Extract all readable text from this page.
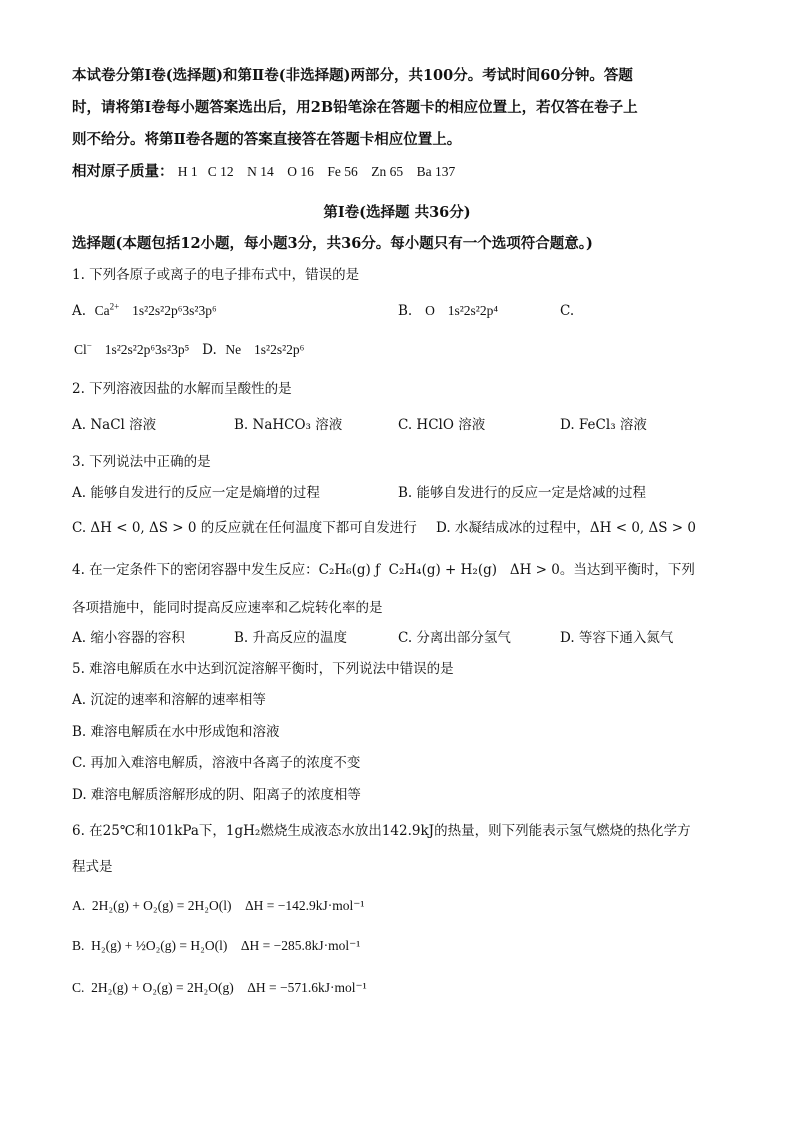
本试卷分第Ⅰ卷(选择题)和第Ⅱ卷(非选择题)两部分，共100分。考试时间60分钟。答题
时，请将第Ⅰ卷每小题答案选出后，用2B铅笔涂在答题卡的相应位置上，若仅答在卷子上
则不给分。将第Ⅱ卷各题的答案直接答在答题卡相应位置上。
相对原子质量： H 1   C 12    N 14    O 16    Fe 56    Zn 65    Ba 137
第Ⅰ卷(选择题 共36分)
选择题(本题包括12小题，每小题3分，共36分。每小题只有一个选项符合题意。)
1. 下列各原子或离子的电子排布式中，错误的是
A. $Ca^{2+}$ 1s²2s²2p⁶3s²3p⁶	B. O 1s²2s²2p⁴	C.
Cl− 1s²2s²2p⁶3s²3p⁵ D. Ne 1s²2s²2p⁶
2. 下列溶液因盐的水解而呈酸性的是
A. NaCl 溶液	B. NaHCO₃ 溶液	C. HClO 溶液	D. FeCl₃ 溶液
3. 下列说法中正确的是
A. 能够自发进行的反应一定是熵增的过程	B. 能够自发进行的反应一定是焓减的过程
C. ΔH < 0, ΔS > 0 的反应就在任何温度下都可自发进行 D. 水凝结成冰的过程中，ΔH < 0, ΔS > 0
4. 在一定条件下的密闭容器中发生反应：C₂H₆(g) ƒ  C₂H₄(g) + H₂(g)   ΔH > 0。当达到平衡时，下列
各项措施中，能同时提高反应速率和乙烷转化率的是
A. 缩小容器的容积	B. 升高反应的温度	C. 分离出部分氢气	D. 等容下通入氮气
5. 难溶电解质在水中达到沉淀溶解平衡时，下列说法中错误的是
A. 沉淀的速率和溶解的速率相等
B. 难溶电解质在水中形成饱和溶液
C. 再加入难溶电解质，溶液中各离子的浓度不变
D. 难溶电解质溶解形成的阴、阳离子的浓度相等
6. 在25℃和101kPa下，1gH₂燃烧生成液态水放出142.9kJ的热量，则下列能表示氢气燃烧的热化学方
程式是
A.  2H₂(g) + O₂(g) = 2H₂O(l)    ΔH = −142.9kJ·mol⁻¹
B.  H₂(g) + ½O₂(g) = H₂O(l)    ΔH = −285.8kJ·mol⁻¹
C.  2H₂(g) + O₂(g) = 2H₂O(g)    ΔH = −571.6kJ·mol⁻¹
